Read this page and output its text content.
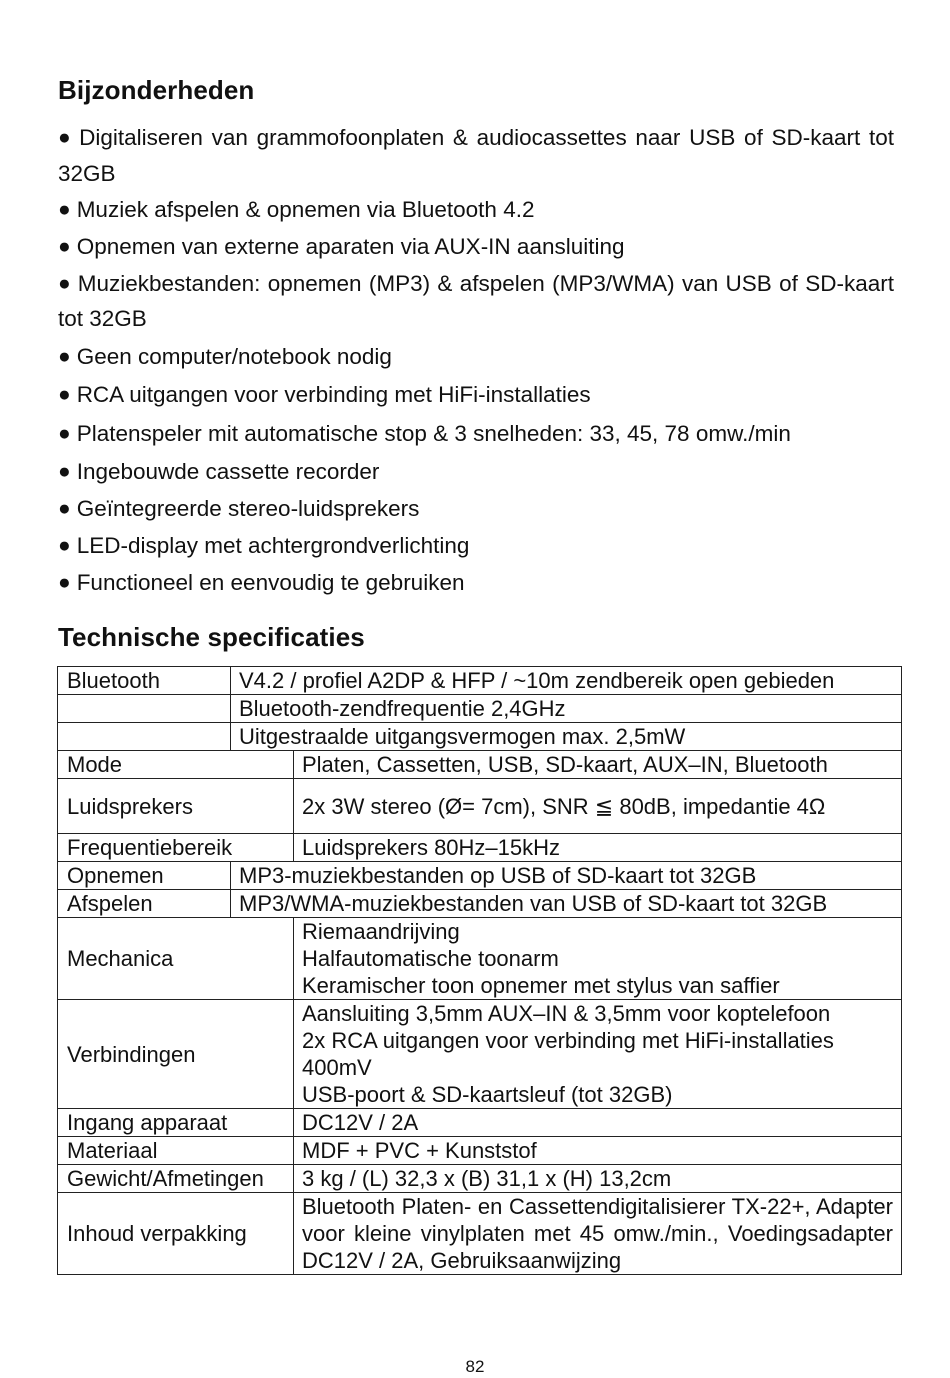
Bijzonderheden
● Digitaliseren van grammofoonplaten & audiocassettes naar USB of SD-kaart tot 32GB
● Muziek afspelen & opnemen via Bluetooth 4.2
● Opnemen van externe aparaten via AUX-IN aansluiting
● Muziekbestanden: opnemen (MP3) & afspelen (MP3/WMA) van USB of SD-kaart tot 32GB
● Geen computer/notebook nodig
● RCA uitgangen voor verbinding met HiFi-installaties
● Platenspeler mit automatische stop & 3 snelheden: 33, 45, 78 omw./min
● Ingebouwde cassette recorder
● Geïntegreerde stereo-luidsprekers
● LED-display met achtergrondverlichting
● Functioneel en eenvoudig te gebruiken
Technische specificaties
Bluetooth	V4.2 / profiel A2DP & HFP / ~10m zendbereik open gebieden	
	Bluetooth-zendfrequentie 2,4GHz	
	Uitgestraalde uitgangsvermogen max. 2,5mW	
Mode		Platen, Cassetten, USB, SD-kaart, AUX–IN, Bluetooth
Luidsprekers		2x 3W stereo (Ø= 7cm), SNR ≦ 80dB, impedantie 4Ω
Frequentiebereik		Luidsprekers 80Hz–15kHz
Opnemen	MP3-muziekbestanden op USB of SD-kaart tot 32GB	
Afspelen	MP3/WMA-muziekbestanden van USB of SD-kaart tot 32GB	
Mechanica		Riemaandrijving
Halfautomatische toonarm
Keramischer toon opnemer met stylus van saffier

Verbindingen		Aansluiting 3,5mm AUX–IN & 3,5mm voor koptelefoon
2x RCA uitgangen voor verbinding met HiFi-installaties 400mV
USB-poort & SD-kaartsleuf (tot 32GB)

Ingang apparaat		DC12V / 2A
Materiaal		MDF + PVC + Kunststof
Gewicht/Afmetingen		3 kg / (L) 32,3 x (B) 31,1 x (H) 13,2cm
Inhoud verpakking		Bluetooth Platen- en Cassettendigitalisierer TX-22+, Adapter voor kleine vinylplaten met 45 omw./min., Voedingsadapter DC12V / 2A, Gebruiksaanwijzing
82
